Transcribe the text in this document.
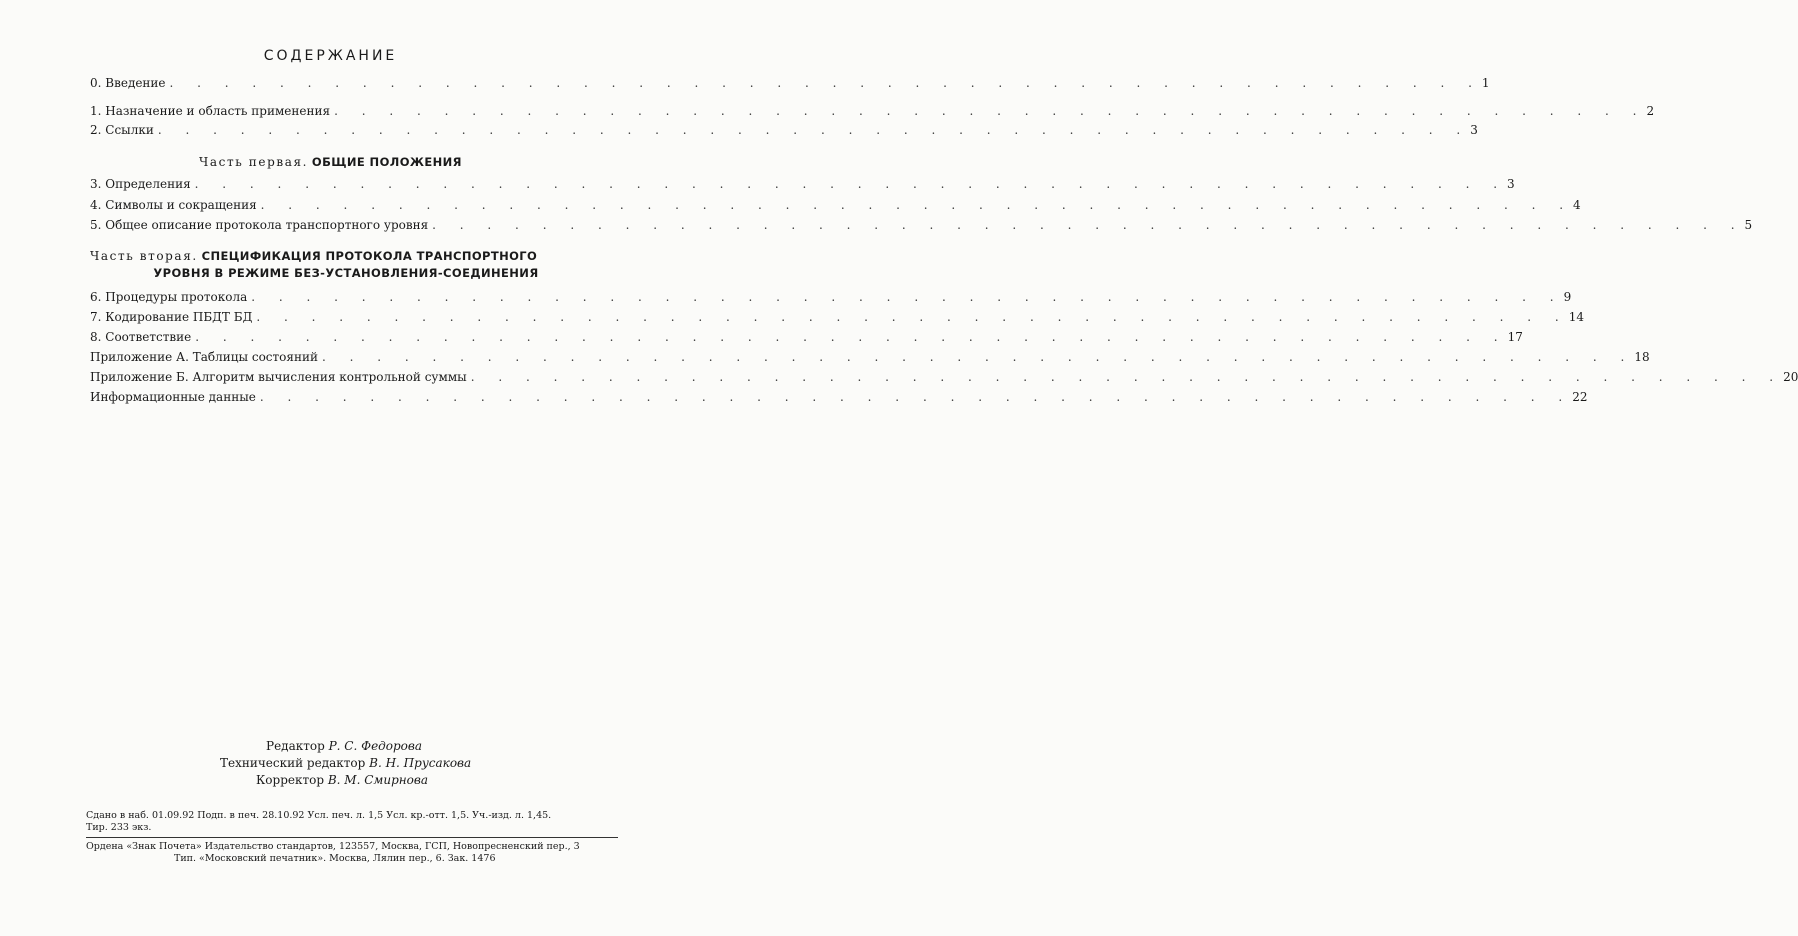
СОДЕРЖАНИЕ
0. Введение . . . . . . . . . . . . . . . . . . . . . . . . . . . . . . . . . . . . . . . . . . . . . . . . 1
1. Назначение и область применения . . . . . . . . . . . . . . . . . . . . . . . . . . . . . . . . . . . . . . . . . . . . . . . . 2
2. Ссылки . . . . . . . . . . . . . . . . . . . . . . . . . . . . . . . . . . . . . . . . . . . . . . . . 3
Часть первая. ОБЩИЕ ПОЛОЖЕНИЯ
3. Определения . . . . . . . . . . . . . . . . . . . . . . . . . . . . . . . . . . . . . . . . . . . . . . . . 3
4. Символы и сокращения . . . . . . . . . . . . . . . . . . . . . . . . . . . . . . . . . . . . . . . . . . . . . . . . 4
5. Общее описание протокола транспортного уровня . . . . . . . . . . . . . . . . . . . . . . . . . . . . . . . . . . . . . . . . . . . . . . . . 5
Часть вторая. СПЕЦИФИКАЦИЯ ПРОТОКОЛА ТРАНСПОРТНОГО
УРОВНЯ В РЕЖИМЕ БЕЗ-УСТАНОВЛЕНИЯ-СОЕДИНЕНИЯ
6. Процедуры протокола . . . . . . . . . . . . . . . . . . . . . . . . . . . . . . . . . . . . . . . . . . . . . . . . 9
7. Кодирование ПБДТ БД . . . . . . . . . . . . . . . . . . . . . . . . . . . . . . . . . . . . . . . . . . . . . . . . 14
8. Соответствие . . . . . . . . . . . . . . . . . . . . . . . . . . . . . . . . . . . . . . . . . . . . . . . . 17
Приложение А. Таблицы состояний . . . . . . . . . . . . . . . . . . . . . . . . . . . . . . . . . . . . . . . . . . . . . . . . 18
Приложение Б. Алгоритм вычисления контрольной суммы . . . . . . . . . . . . . . . . . . . . . . . . . . . . . . . . . . . . . . . . . . . . . . . . 20
Информационные данные . . . . . . . . . . . . . . . . . . . . . . . . . . . . . . . . . . . . . . . . . . . . . . . . 22
Редактор Р. С. Федорова
Технический редактор В. Н. Прусакова
Корректор В. М. Смирнова
Сдано в наб. 01.09.92 Подп. в печ. 28.10.92 Усл. печ. л. 1,5 Усл. кр.-отт. 1,5. Уч.-изд. л. 1,45.
Тир. 233 экз.
Ордена «Знак Почета» Издательство стандартов, 123557, Москва, ГСП, Новопресненский пер., 3
Тип. «Московский печатник». Москва, Лялин пер., 6. Зак. 1476
